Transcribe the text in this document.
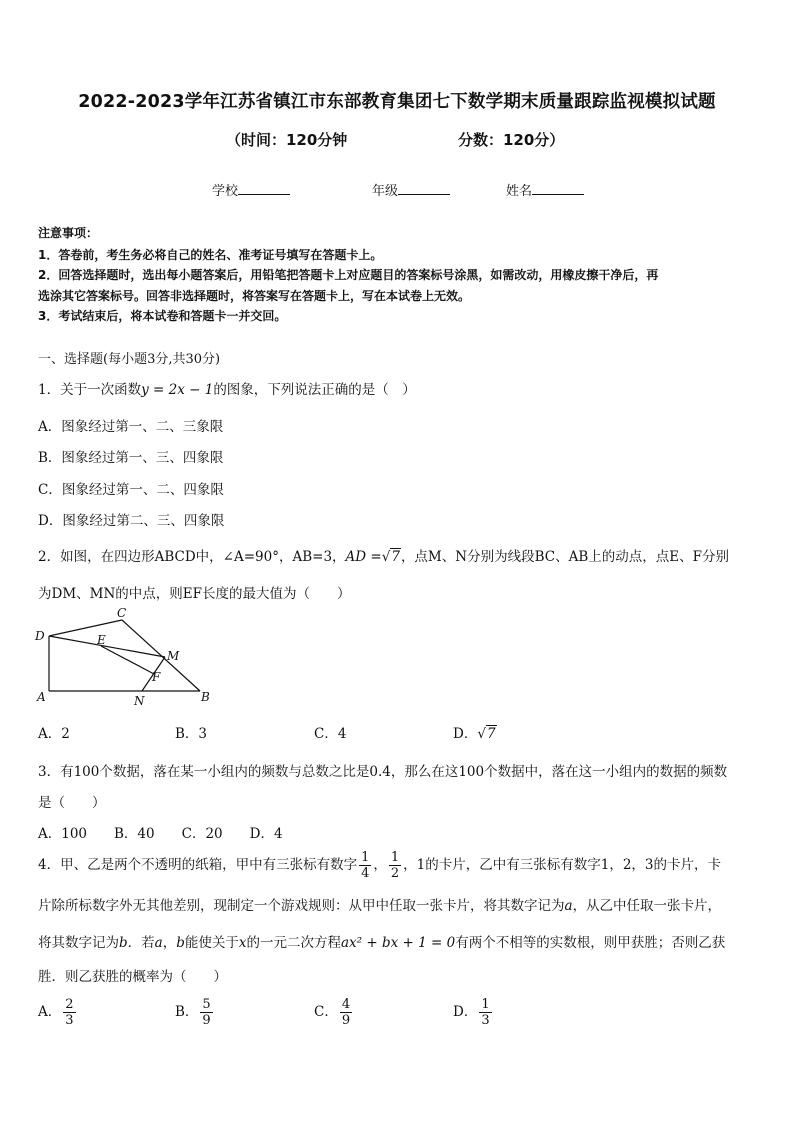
2022-2023学年江苏省镇江市东部教育集团七下数学期末质量跟踪监视模拟试题
（时间：120分钟	分数：120分）
学校	年级	姓名
注意事项：
1．答卷前，考生务必将自己的姓名、准考证号填写在答题卡上。
2．回答选择题时，选出每小题答案后，用铅笔把答题卡上对应题目的答案标号涂黑，如需改动，用橡皮擦干净后，再
选涂其它答案标号。回答非选择题时，将答案写在答题卡上，写在本试卷上无效。
3．考试结束后，将本试卷和答题卡一并交回。
一、选择题(每小题3分,共30分)
1．关于一次函数y = 2x − 1的图象，下列说法正确的是（　）
A．图象经过第一、二、三象限
B．图象经过第一、三、四象限
C．图象经过第一、二、四象限
D．图象经过第二、三、四象限
2．如图，在四边形ABCD中，∠A=90°，AB=3，AD =√7，点M、N分别为线段BC、AB上的动点，点E、F分别
为DM、MN的中点，则EF长度的最大值为（　　）
D
A	B
C
E
M
F
N
A．2	B．3	C．4	D．√7
3．有100个数据，落在某一小组内的频数与总数之比是0.4，那么在这100个数据中，落在这一小组内的数据的频数
是（　　）
A．100　　B．40　　C．20　　D．4
4．甲、乙是两个不透明的纸箱，甲中有三张标有数字 $\frac{1}{4}$ ， $\frac{1}{2}$ ，1的卡片，乙中有三张标有数字1，2，3的卡片，卡
片除所标数字外无其他差别，现制定一个游戏规则：从甲中任取一张卡片，将其数字记为a，从乙中任取一张卡片，
将其数字记为b．若a，b能使关于x的一元二次方程ax² + bx + 1 = 0有两个不相等的实数根，则甲获胜；否则乙获
胜．则乙获胜的概率为（　　）
A． $\frac{2}{3}$	B． $\frac{5}{9}$	C． $\frac{4}{9}$	D． $\frac{1}{3}$
